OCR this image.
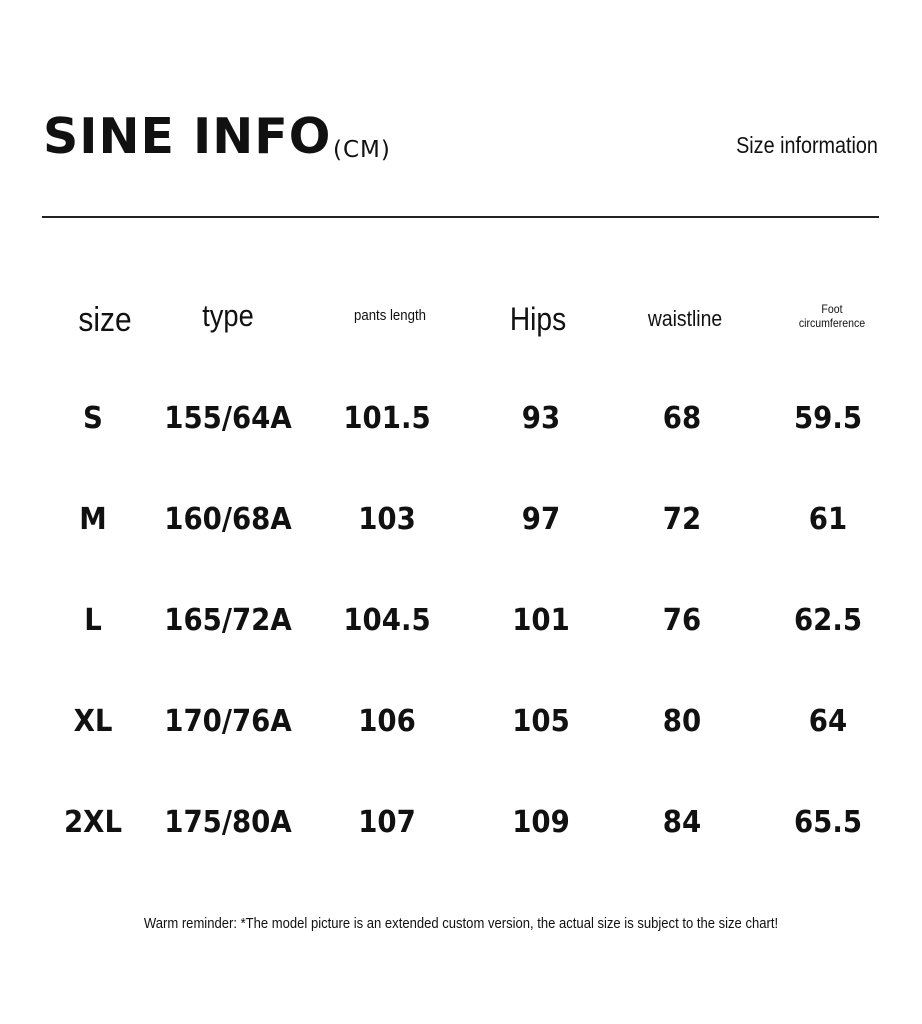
SINE INFO (CM)	Size information
size	type	pants length	Hips	waistline	Foot circumference
S	155/64A	101.5	93	68	59.5
M	160/68A	103	97	72	61
L	165/72A	104.5	101	76	62.5
XL	170/76A	106	105	80	64
2XL	175/80A	107	109	84	65.5
Warm reminder: *The model picture is an extended custom version, the actual size is subject to the size chart!
